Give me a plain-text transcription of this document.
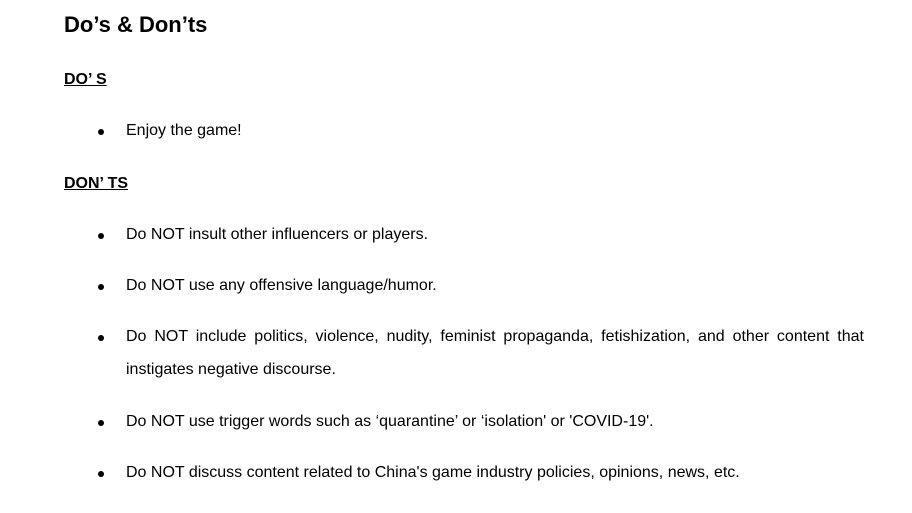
Do’s & Don’ts
DO’ S

Enjoy the game!

DON’ TS

Do NOT insult other influencers or players.

Do NOT use any offensive language/humor.

Do NOT include politics, violence, nudity, feminist propaganda, fetishization, and other content that instigates negative discourse.

Do NOT use trigger words such as ‘quarantine’ or ‘isolation' or 'COVID-19'.

Do NOT discuss content related to China's game industry policies, opinions, news, etc.
